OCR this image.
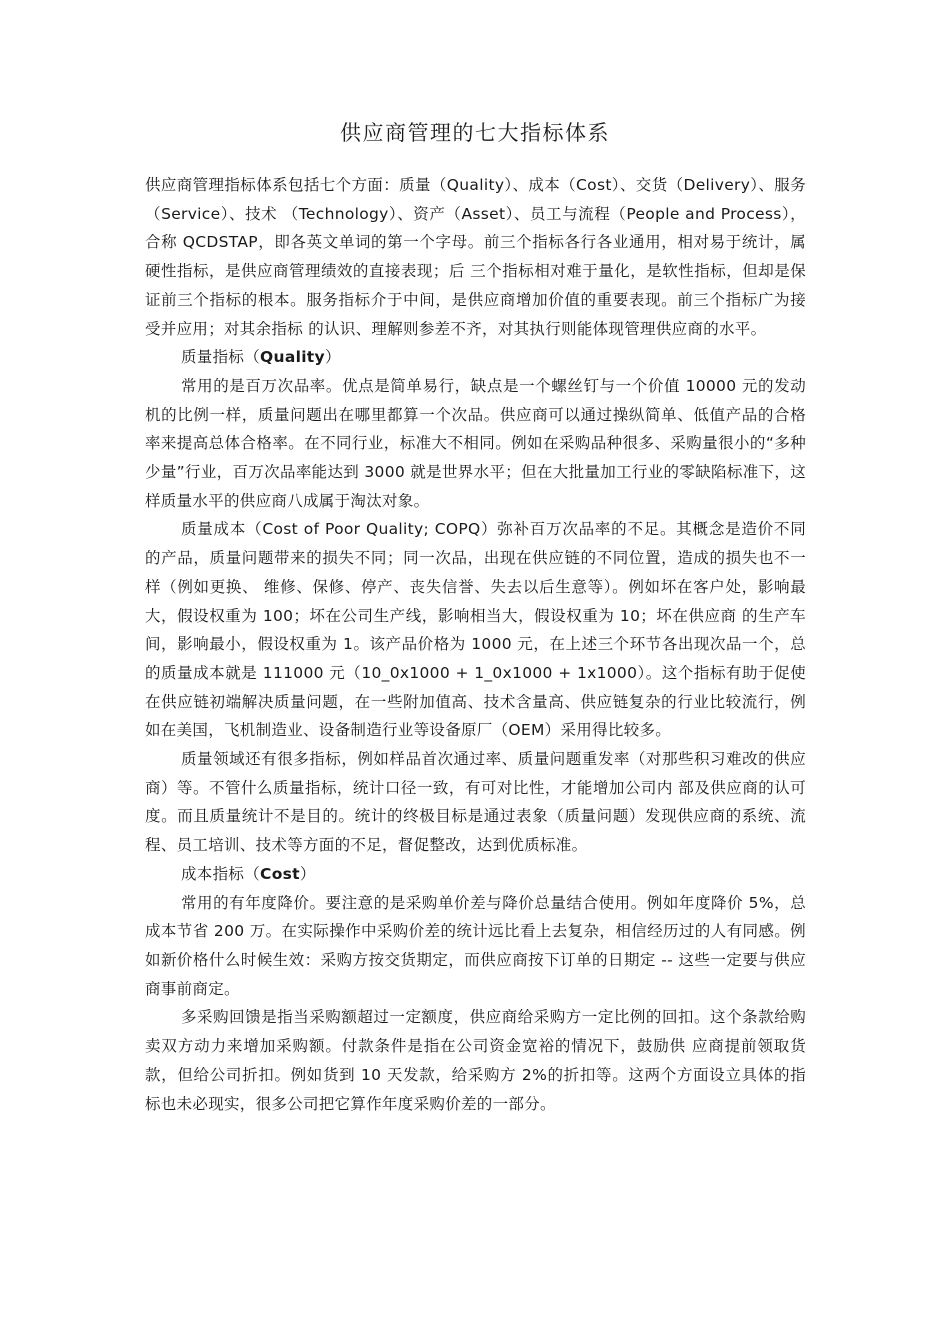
供应商管理的七大指标体系

供应商管理指标体系包括七个方面：质量（Quality）、成本（Cost）、交货（Delivery）、服务（Service）、技术 （Technology）、资产（Asset）、员工与流程（People and Process），合称 QCDSTAP，即各英文单词的第一个字母。前三个指标各行各业通用，相对易于统计，属硬性指标，是供应商管理绩效的直接表现；后 三个指标相对难于量化，是软性指标，但却是保证前三个指标的根本。服务指标介于中间，是供应商增加价值的重要表现。前三个指标广为接受并应用；对其余指标 的认识、理解则参差不齐，对其执行则能体现管理供应商的水平。

质量指标（Quality）

常用的是百万次品率。优点是简单易行，缺点是一个螺丝钉与一个价值 10000 元的发动机的比例一样，质量问题出在哪里都算一个次品。供应商可以通过操纵简单、低值产品的合格率来提高总体合格率。在不同行业，标准大不相同。例如在采购品种很多、采购量很小的“多种少量”行业，百万次品率能达到 3000 就是世界水平；但在大批量加工行业的零缺陷标准下，这样质量水平的供应商八成属于淘汰对象。

质量成本（Cost of Poor Quality; COPQ）弥补百万次品率的不足。其概念是造价不同的产品，质量问题带来的损失不同；同一次品，出现在供应链的不同位置，造成的损失也不一样（例如更换、 维修、保修、停产、丧失信誉、失去以后生意等）。例如坏在客户处，影响最大，假设权重为 100；坏在公司生产线，影响相当大，假设权重为 10；坏在供应商 的生产车间，影响最小，假设权重为 1。该产品价格为 1000 元，在上述三个环节各出现次品一个，总的质量成本就是 111000 元（10_0x1000 + 1_0x1000 + 1x1000）。这个指标有助于促使在供应链初端解决质量问题，在一些附加值高、技术含量高、供应链复杂的行业比较流行，例如在美国，飞机制造业、设备制造行业等设备原厂（OEM）采用得比较多。

质量领域还有很多指标，例如样品首次通过率、质量问题重发率（对那些积习难改的供应商）等。不管什么质量指标，统计口径一致，有可对比性，才能增加公司内 部及供应商的认可度。而且质量统计不是目的。统计的终极目标是通过表象（质量问题）发现供应商的系统、流程、员工培训、技术等方面的不足，督促整改，达到优质标准。

成本指标（Cost）

常用的有年度降价。要注意的是采购单价差与降价总量结合使用。例如年度降价 5%，总成本节省 200 万。在实际操作中采购价差的统计远比看上去复杂，相信经历过的人有同感。例如新价格什么时候生效：采购方按交货期定，而供应商按下订单的日期定 -- 这些一定要与供应商事前商定。

多采购回馈是指当采购额超过一定额度，供应商给采购方一定比例的回扣。这个条款给购卖双方动力来增加采购额。付款条件是指在公司资金宽裕的情况下，鼓励供 应商提前领取货款，但给公司折扣。例如货到 10 天发款，给采购方 2%的折扣等。这两个方面设立具体的指标也未必现实，很多公司把它算作年度采购价差的一部分。
